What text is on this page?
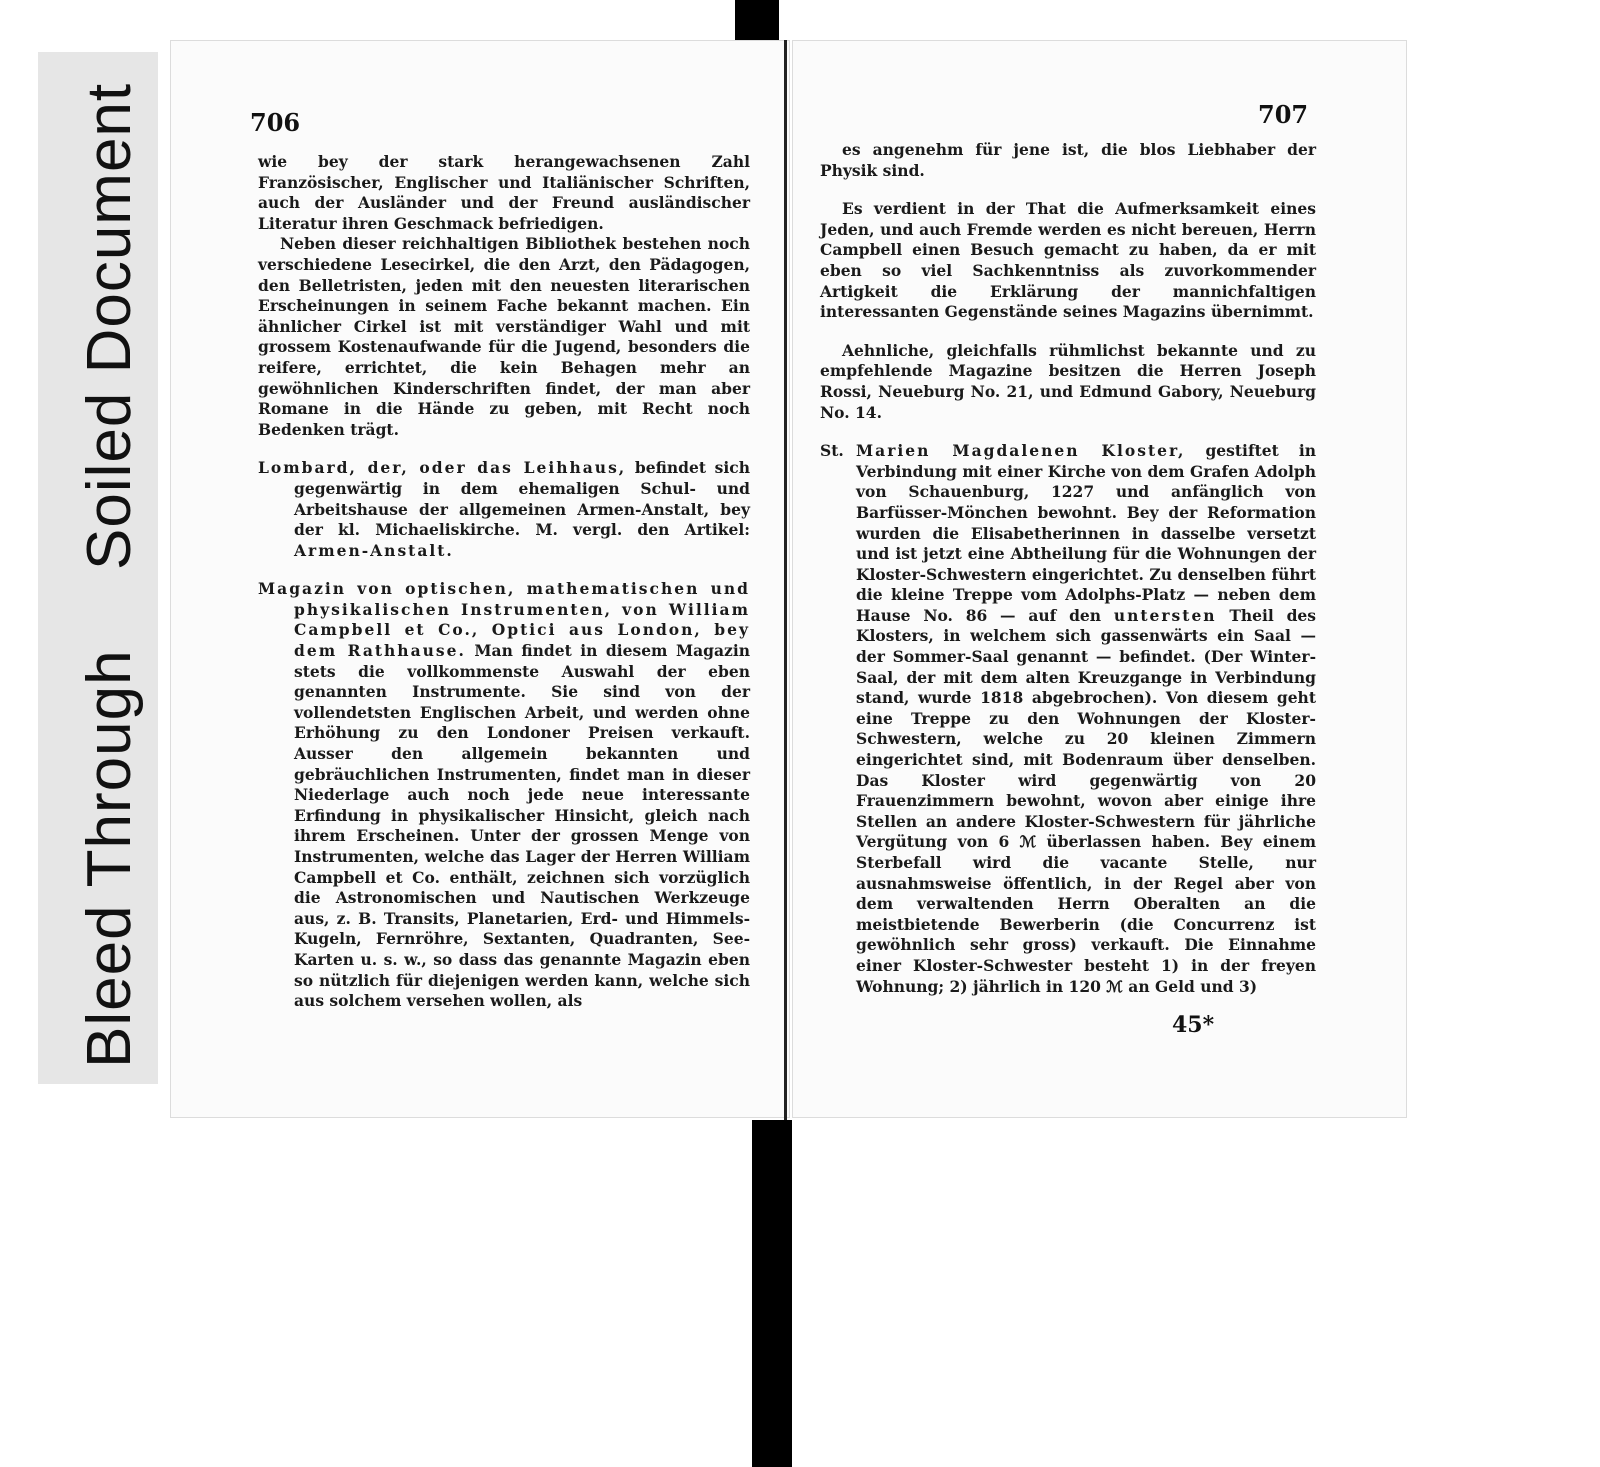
Soiled Document
Bleed Through
706	707

wie bey der stark herangewachsenen Zahl Französischer, Englischer und Italiänischer Schriften, auch der Ausländer und der Freund ausländischer Literatur ihren Geschmack befriedigen.

Neben dieser reichhaltigen Bibliothek bestehen noch verschiedene Lesecirkel, die den Arzt, den Pädagogen, den Belletristen, jeden mit den neuesten literarischen Erscheinungen in seinem Fache bekannt machen. Ein ähnlicher Cirkel ist mit verständiger Wahl und mit grossem Kostenaufwande für die Jugend, besonders die reifere, errichtet, die kein Behagen mehr an gewöhnlichen Kinderschriften findet, der man aber Romane in die Hände zu geben, mit Recht noch Bedenken trägt.

Lombard, der, oder das Leihhaus, befindet sich gegenwärtig in dem ehemaligen Schul- und Arbeitshause der allgemeinen Armen-Anstalt, bey der kl. Michaeliskirche. M. vergl. den Artikel: Armen-Anstalt.

Magazin von optischen, mathematischen und physikalischen Instrumenten, von William Campbell et Co., Optici aus London, bey dem Rathhause. Man findet in diesem Magazin stets die vollkommenste Auswahl der eben genannten Instrumente. Sie sind von der vollendetsten Englischen Arbeit, und werden ohne Erhöhung zu den Londoner Preisen verkauft. Ausser den allgemein bekannten und gebräuchlichen Instrumenten, findet man in dieser Niederlage auch noch jede neue interessante Erfindung in physikalischer Hinsicht, gleich nach ihrem Erscheinen. Unter der grossen Menge von Instrumenten, welche das Lager der Herren William Campbell et Co. enthält, zeichnen sich vorzüglich die Astronomischen und Nautischen Werkzeuge aus, z. B. Transits, Planetarien, Erd- und Himmels-Kugeln, Fernröhre, Sextanten, Quadranten, See-Karten u. s. w., so dass das genannte Magazin eben so nützlich für diejenigen werden kann, welche sich aus solchem versehen wollen, als

es angenehm für jene ist, die blos Liebhaber der Physik sind.

Es verdient in der That die Aufmerksamkeit eines Jeden, und auch Fremde werden es nicht bereuen, Herrn Campbell einen Besuch gemacht zu haben, da er mit eben so viel Sachkenntniss als zuvorkommender Artigkeit die Erklärung der mannichfaltigen interessanten Gegenstände seines Magazins übernimmt.

Aehnliche, gleichfalls rühmlichst bekannte und zu empfehlende Magazine besitzen die Herren Joseph Rossi, Neueburg No. 21, und Edmund Gabory, Neueburg No. 14.

St. Marien Magdalenen Kloster, gestiftet in Verbindung mit einer Kirche von dem Grafen Adolph von Schauenburg, 1227 und anfänglich von Barfüsser-Mönchen bewohnt. Bey der Reformation wurden die Elisabetherinnen in dasselbe versetzt und ist jetzt eine Abtheilung für die Wohnungen der Kloster-Schwestern eingerichtet. Zu denselben führt die kleine Treppe vom Adolphs-Platz — neben dem Hause No. 86 — auf den untersten Theil des Klosters, in welchem sich gassenwärts ein Saal — der Sommer-Saal genannt — befindet. (Der Winter-Saal, der mit dem alten Kreuzgange in Verbindung stand, wurde 1818 abgebrochen). Von diesem geht eine Treppe zu den Wohnungen der Kloster-Schwestern, welche zu 20 kleinen Zimmern eingerichtet sind, mit Bodenraum über denselben. Das Kloster wird gegenwärtig von 20 Frauenzimmern bewohnt, wovon aber einige ihre Stellen an andere Kloster-Schwestern für jährliche Vergütung von 6 ℳ überlassen haben. Bey einem Sterbefall wird die vacante Stelle, nur ausnahmsweise öffentlich, in der Regel aber von dem verwaltenden Herrn Oberalten an die meistbietende Bewerberin (die Concurrenz ist gewöhnlich sehr gross) verkauft. Die Einnahme einer Kloster-Schwester besteht 1) in der freyen Wohnung; 2) jährlich in 120 ℳ an Geld und 3)

45*
